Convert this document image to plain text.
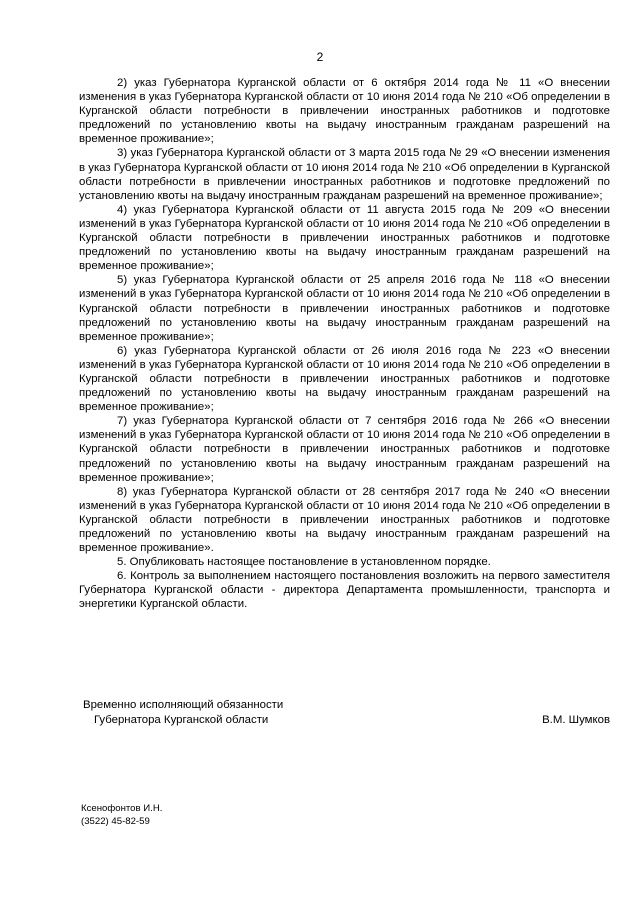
2

2) указ Губернатора Курганской области от 6 октября 2014 года № 11 «О внесении изменения в указ Губернатора Курганской области от 10 июня 2014 года № 210 «Об определении в Курганской области потребности в привлечении иностранных работников и подготовке предложений по установлению квоты на выдачу иностранным гражданам разрешений на временное проживание»;

3) указ Губернатора Курганской области от 3 марта 2015 года № 29 «О внесении изменения в указ Губернатора Курганской области от 10 июня 2014 года № 210 «Об определении в Курганской области потребности в привлечении иностранных работников и подготовке предложений по установлению квоты на выдачу иностранным гражданам разрешений на временное проживание»;

4) указ Губернатора Курганской области от 11 августа 2015 года № 209 «О внесении изменений в указ Губернатора Курганской области от 10 июня 2014 года № 210 «Об определении в Курганской области потребности в привлечении иностранных работников и подготовке предложений по установлению квоты на выдачу иностранным гражданам разрешений на временное проживание»;

5) указ Губернатора Курганской области от 25 апреля 2016 года № 118 «О внесении изменений в указ Губернатора Курганской области от 10 июня 2014 года № 210 «Об определении в Курганской области потребности в привлечении иностранных работников и подготовке предложений по установлению квоты на выдачу иностранным гражданам разрешений на временное проживание»;

6) указ Губернатора Курганской области от 26 июля 2016 года № 223 «О внесении изменений в указ Губернатора Курганской области от 10 июня 2014 года № 210 «Об определении в Курганской области потребности в привлечении иностранных работников и подготовке предложений по установлению квоты на выдачу иностранным гражданам разрешений на временное проживание»;

7) указ Губернатора Курганской области от 7 сентября 2016 года № 266 «О внесении изменений в указ Губернатора Курганской области от 10 июня 2014 года № 210 «Об определении в Курганской области потребности в привлечении иностранных работников и подготовке предложений по установлению квоты на выдачу иностранным гражданам разрешений на временное проживание»;

8) указ Губернатора Курганской области от 28 сентября 2017 года № 240 «О внесении изменений в указ Губернатора Курганской области от 10 июня 2014 года № 210 «Об определении в Курганской области потребности в привлечении иностранных работников и подготовке предложений по установлению квоты на выдачу иностранным гражданам разрешений на временное проживание».

5. Опубликовать настоящее постановление в установленном порядке.

6. Контроль за выполнением настоящего постановления возложить на первого заместителя Губернатора Курганской области - директора Департамента промышленности, транспорта и энергетики Курганской области.

Временно исполняющий обязанности
Губернатора Курганской области	В.М. Шумков
Ксенофонтов И.Н.
(3522) 45-82-59
